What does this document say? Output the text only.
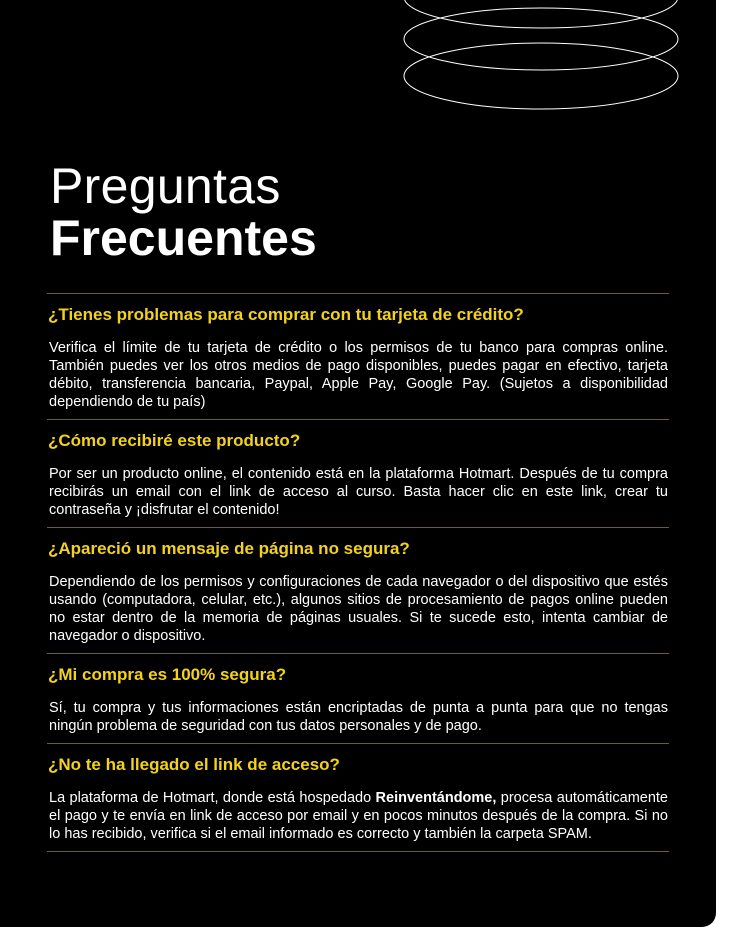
Preguntas
Frecuentes

¿Tienes problemas para comprar con tu tarjeta de crédito?

Verifica el límite de tu tarjeta de crédito o los permisos de tu banco para compras online. También puedes ver los otros medios de pago disponibles, puedes pagar en efectivo, tarjeta débito, transferencia bancaria, Paypal, Apple Pay, Google Pay. (Sujetos a disponibilidad dependiendo de tu país)

¿Cómo recibiré este producto?

Por ser un producto online, el contenido está en la plataforma Hotmart. Después de tu compra recibirás un email con el link de acceso al curso. Basta hacer clic en este link, crear tu contraseña y ¡disfrutar el contenido!

¿Apareció un mensaje de página no segura?

Dependiendo de los permisos y configuraciones de cada navegador o del dispositivo que estés usando (computadora, celular, etc.), algunos sitios de procesamiento de pagos online pueden no estar dentro de la memoria de páginas usuales. Si te sucede esto, intenta cambiar de navegador o dispositivo.

¿Mi compra es 100% segura?

Sí, tu compra y tus informaciones están encriptadas de punta a punta para que no tengas ningún problema de seguridad con tus datos personales y de pago.

¿No te ha llegado el link de acceso?

La plataforma de Hotmart, donde está hospedado Reinventándome, procesa automáticamente el pago y te envía en link de acceso por email y en pocos minutos después de la compra. Si no lo has recibido, verifica si el email informado es correcto y también la carpeta SPAM.
